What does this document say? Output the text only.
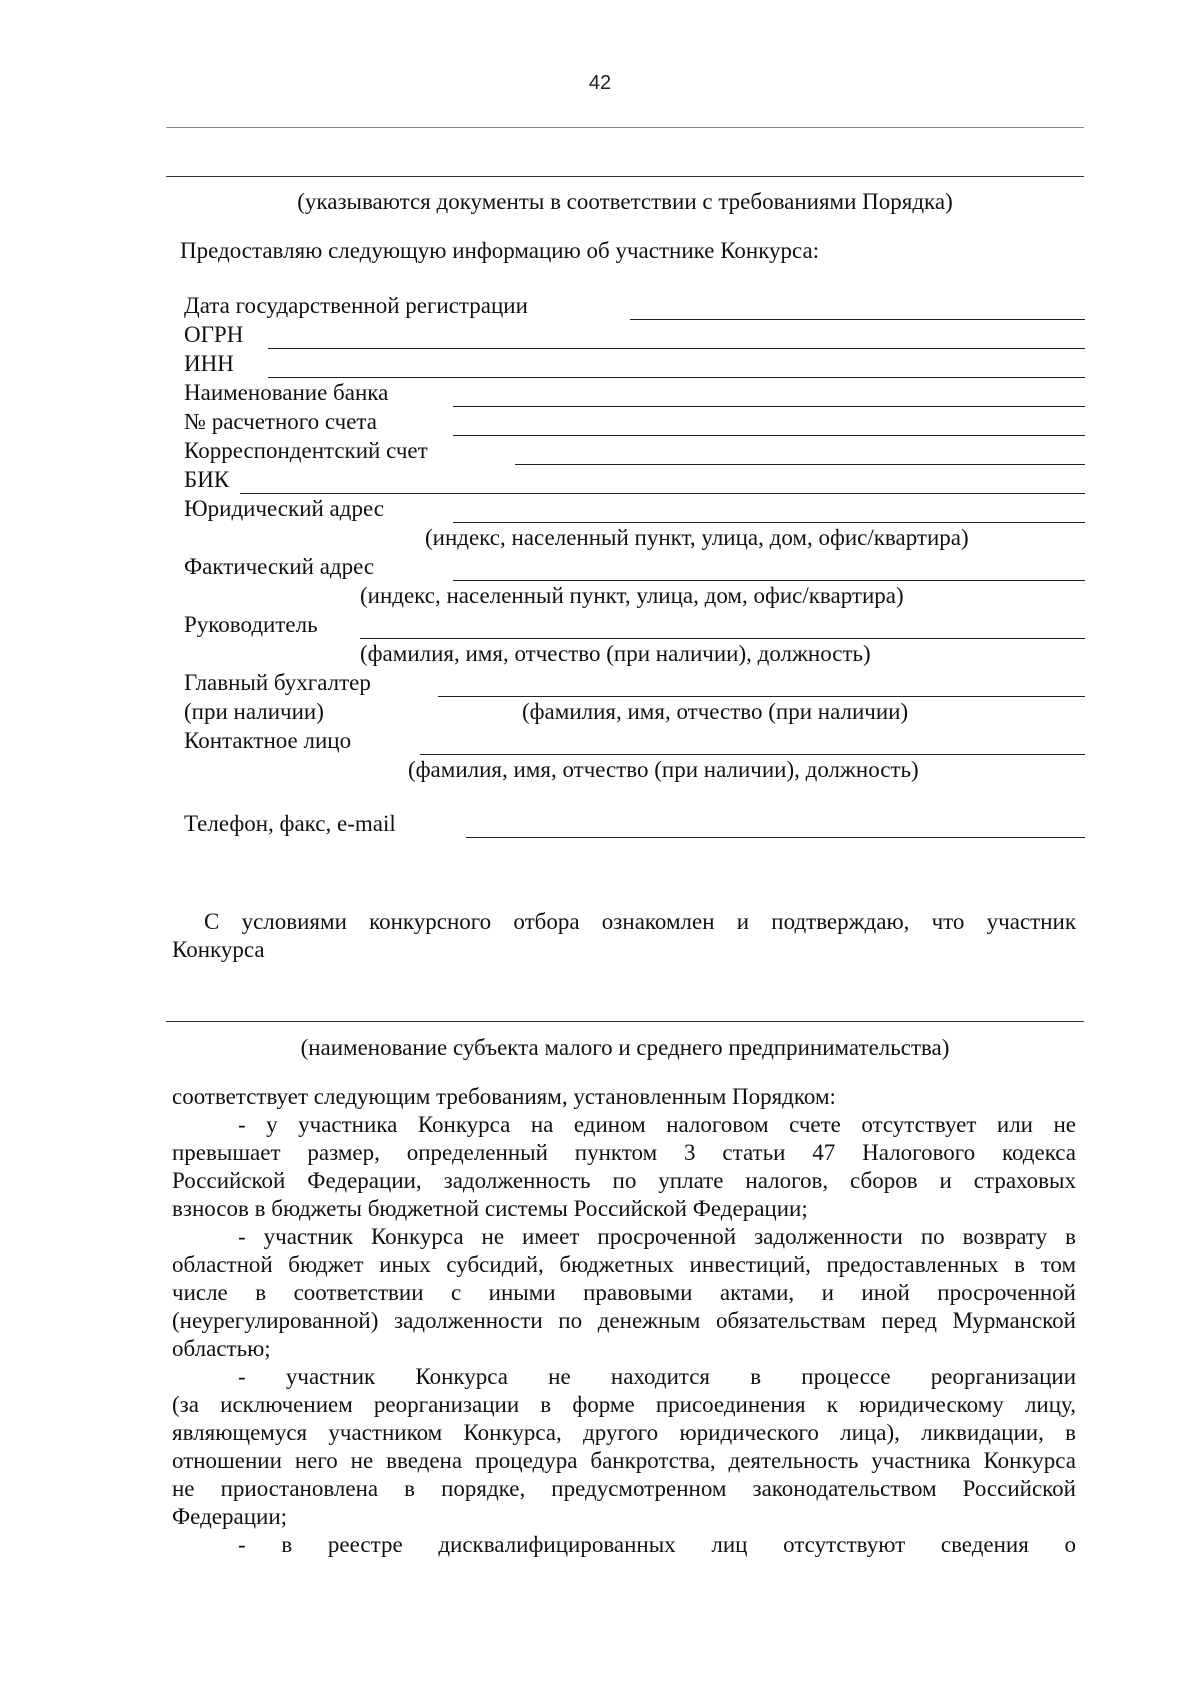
42
(указываются документы в соответствии с требованиями Порядка)
Предоставляю следующую информацию об участнике Конкурса:
Дата государственной регистрации
ОГРН
ИНН
Наименование банка
№ расчетного счета
Корреспондентский счет
БИК
Юридический адрес
(индекс, населенный пункт, улица, дом, офис/квартира)
Фактический адрес
(индекс, населенный пункт, улица, дом, офис/квартира)
Руководитель
(фамилия, имя, отчество (при наличии), должность)
Главный бухгалтер
(при наличии)	(фамилия, имя, отчество (при наличии)
Контактное лицо
(фамилия, имя, отчество (при наличии), должность)
Телефон, факс, e-mail
С условиями конкурсного отбора ознакомлен и подтверждаю, что участник
Конкурса
(наименование субъекта малого и среднего предпринимательства)
соответствует следующим требованиям, установленным Порядком:
- у участника Конкурса на едином налоговом счете отсутствует или не
превышает размер, определенный пунктом 3 статьи 47 Налогового кодекса
Российской Федерации, задолженность по уплате налогов, сборов и страховых
взносов в бюджеты бюджетной системы Российской Федерации;
- участник Конкурса не имеет просроченной задолженности по возврату в
областной бюджет иных субсидий, бюджетных инвестиций, предоставленных в том
числе в соответствии с иными правовыми актами, и иной просроченной
(неурегулированной) задолженности по денежным обязательствам перед Мурманской
областью;
- участник Конкурса не находится в процессе реорганизации
(за исключением реорганизации в форме присоединения к юридическому лицу,
являющемуся участником Конкурса, другого юридического лица), ликвидации, в
отношении него не введена процедура банкротства, деятельность участника Конкурса
не приостановлена в порядке, предусмотренном законодательством Российской
Федерации;
- в реестре дисквалифицированных лиц отсутствуют сведения о
